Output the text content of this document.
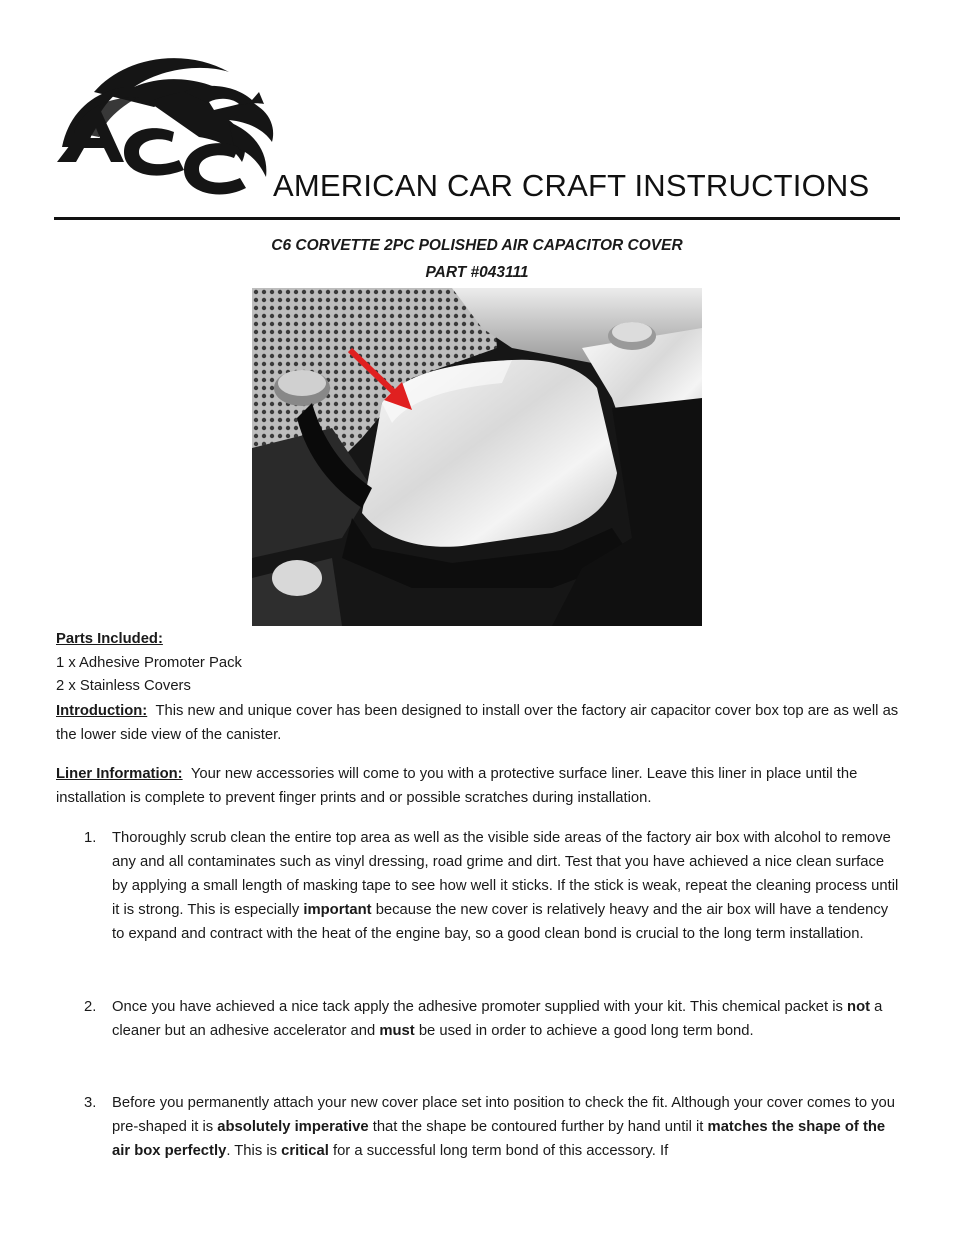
AMERICAN CAR CRAFT INSTRUCTIONS
C6 CORVETTE 2PC POLISHED AIR CAPACITOR COVER
PART #043111
Parts Included:
1 x Adhesive Promoter Pack
2 x Stainless Covers
Introduction: This new and unique cover has been designed to install over the factory air capacitor cover box top are as well as the lower side view of the canister.
Liner Information: Your new accessories will come to you with a protective surface liner. Leave this liner in place until the installation is complete to prevent finger prints and or possible scratches during installation.
1. Thoroughly scrub clean the entire top area as well as the visible side areas of the factory air box with alcohol to remove any and all contaminates such as vinyl dressing, road grime and dirt. Test that you have achieved a nice clean surface by applying a small length of masking tape to see how well it sticks. If the stick is weak, repeat the cleaning process until it is strong. This is especially important because the new cover is relatively heavy and the air box will have a tendency to expand and contract with the heat of the engine bay, so a good clean bond is crucial to the long term installation.
2. Once you have achieved a nice tack apply the adhesive promoter supplied with your kit. This chemical packet is not a cleaner but an adhesive accelerator and must be used in order to achieve a good long term bond.
3. Before you permanently attach your new cover place set into position to check the fit. Although your cover comes to you pre-shaped it is absolutely imperative that the shape be contoured further by hand until it matches the shape of the air box perfectly. This is critical for a successful long term bond of this accessory. If
